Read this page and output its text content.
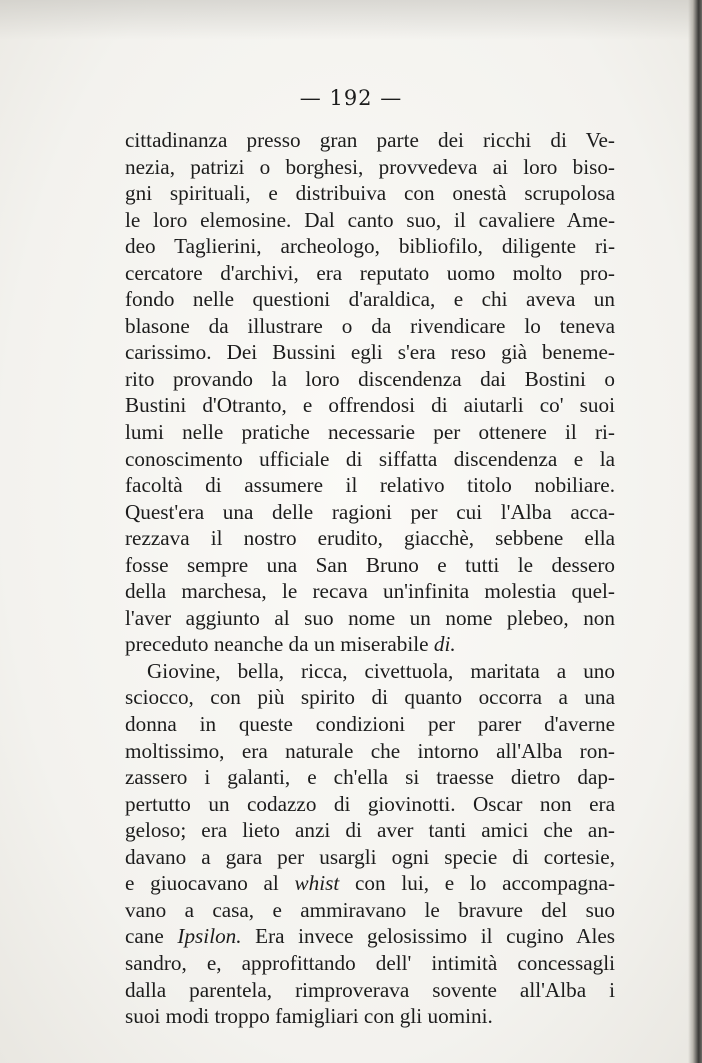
— 192 —
cittadinanza presso gran parte dei ricchi di Ve-
nezia, patrizi o borghesi, provvedeva ai loro biso-
gni spirituali, e distribuiva con onestà scrupolosa
le loro elemosine. Dal canto suo, il cavaliere Ame-
deo Taglierini, archeologo, bibliofilo, diligente ri-
cercatore d'archivi, era reputato uomo molto pro-
fondo nelle questioni d'araldica, e chi aveva un
blasone da illustrare o da rivendicare lo teneva
carissimo. Dei Bussini egli s'era reso già beneme-
rito provando la loro discendenza dai Bostini o
Bustini d'Otranto, e offrendosi di aiutarli co' suoi
lumi nelle pratiche necessarie per ottenere il ri-
conoscimento ufficiale di siffatta discendenza e la
facoltà di assumere il relativo titolo nobiliare.
Quest'era una delle ragioni per cui l'Alba acca-
rezzava il nostro erudito, giacchè, sebbene ella
fosse sempre una San Bruno e tutti le dessero
della marchesa, le recava un'infinita molestia quel-
l'aver aggiunto al suo nome un nome plebeo, non
preceduto neanche da un miserabile di.
Giovine, bella, ricca, civettuola, maritata a uno
sciocco, con più spirito di quanto occorra a una
donna in queste condizioni per parer d'averne
moltissimo, era naturale che intorno all'Alba ron-
zassero i galanti, e ch'ella si traesse dietro dap-
pertutto un codazzo di giovinotti. Oscar non era
geloso; era lieto anzi di aver tanti amici che an-
davano a gara per usargli ogni specie di cortesie,
e giuocavano al whist con lui, e lo accompagna-
vano a casa, e ammiravano le bravure del suo
cane Ipsilon. Era invece gelosissimo il cugino Ales
sandro, e, approfittando dell' intimità concessagli
dalla parentela, rimproverava sovente all'Alba i
suoi modi troppo famigliari con gli uomini.
